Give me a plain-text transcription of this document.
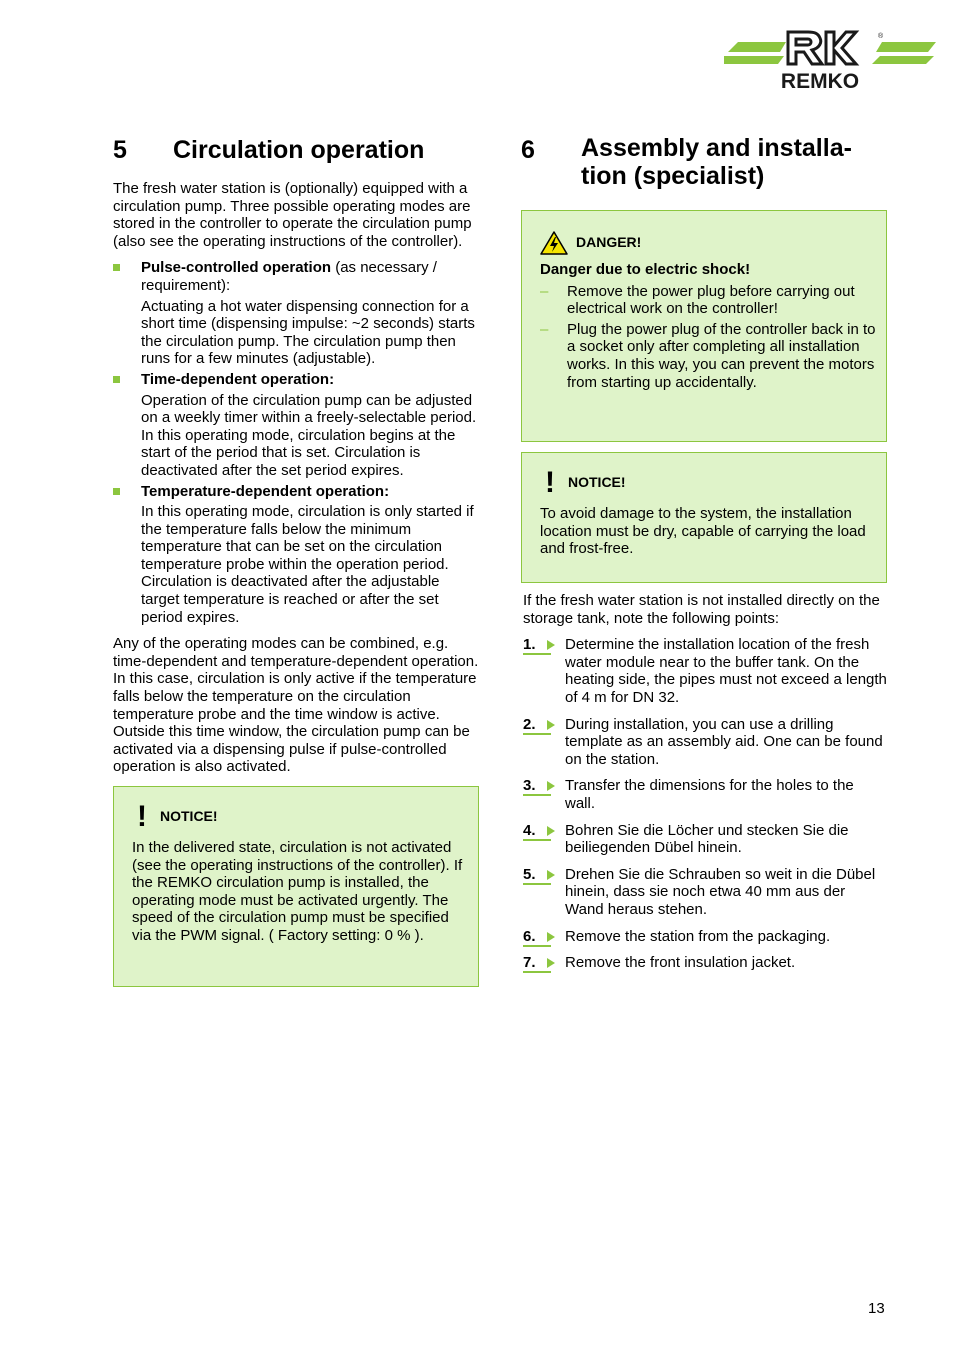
®
REMKO
5 Circulation operation

The fresh water station is (optionally) equipped with a circulation pump. Three possible operating modes are stored in the controller to operate the circulation pump (also see the operating instructions of the controller).

Pulse-controlled operation (as necessary / requirement):

Actuating a hot water dispensing connection for a short time (dispensing impulse: ~2 seconds) starts the circulation pump. The circulation pump then runs for a few minutes (adjustable).

Time-dependent operation:

Operation of the circulation pump can be adjusted on a weekly timer within a freely-selectable period. In this operating mode, circulation begins at the start of the period that is set. Circulation is deactivated after the set period expires.

Temperature-dependent operation:

In this operating mode, circulation is only started if the temperature falls below the minimum temperature that can be set on the circulation temperature probe within the operation period. Circulation is deactivated after the adjustable target temperature is reached or after the set period expires.

Any of the operating modes can be combined, e.g. time-dependent and temperature-dependent operation. In this case, circulation is only active if the temperature falls below the temperature on the circulation temperature probe and the time window is active. Outside this time window, the circulation pump can be activated via a dispensing pulse if pulse-controlled operation is also activated.

! NOTICE!

In the delivered state, circulation is not activated (see the operating instructions of the controller). If the REMKO circulation pump is installed, the operating mode must be activated urgently. The speed of the circulation pump must be specified via the PWM signal. ( Factory setting: 0 % ).

6 Assembly and installa-
tion (specialist)
DANGER!

Danger due to electric shock!

– Remove the power plug before carrying out electrical work on the controller!

– Plug the power plug of the controller back in to a socket only after completing all installation works. In this way, you can prevent the motors from starting up accidentally.

! NOTICE!

To avoid damage to the system, the installation location must be dry, capable of carrying the load and frost-free.

If the fresh water station is not installed directly on the storage tank, note the following points:

1.	Determine the installation location of the fresh water module near to the buffer tank. On the heating side, the pipes must not exceed a length of 4 m for DN 32.

2.	During installation, you can use a drilling template as an assembly aid. One can be found on the station.

3.	Transfer the dimensions for the holes to the wall.

4.	Bohren Sie die Löcher und stecken Sie die beiliegenden Dübel hinein.

5.	Drehen Sie die Schrauben so weit in die Dübel hinein, dass sie noch etwa 40 mm aus der Wand heraus stehen.

6.	Remove the station from the packaging.

7.	Remove the front insulation jacket.

13
